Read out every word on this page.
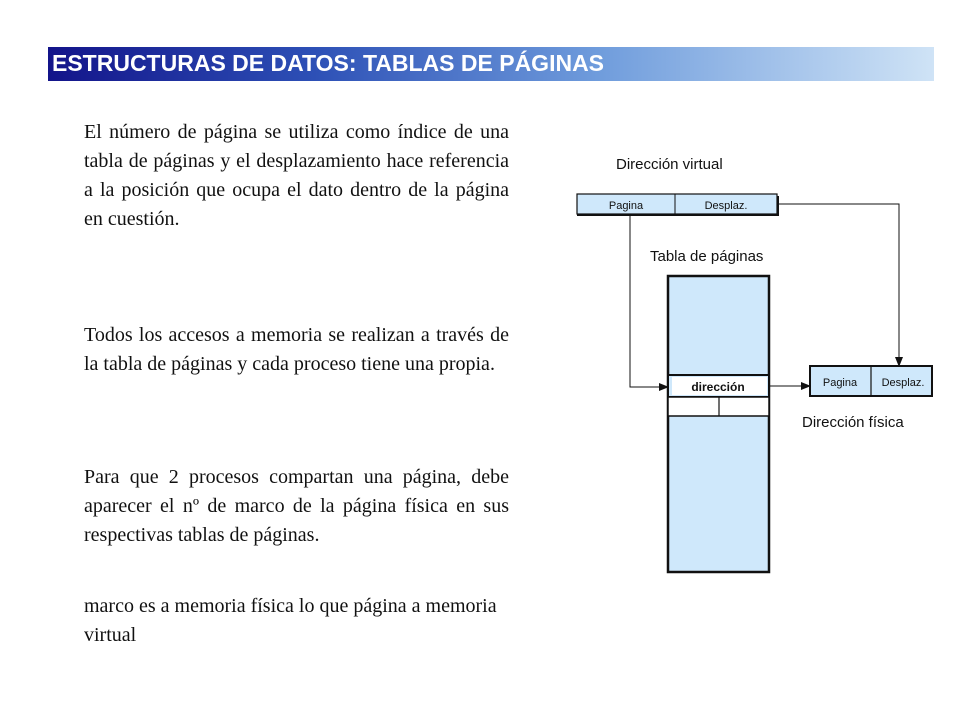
ESTRUCTURAS DE DATOS: TABLAS DE PÁGINAS
El número de página se utiliza como índice de una tabla de páginas y el desplazamiento hace referencia a la posición que ocupa el dato dentro de la página en cuestión.
Todos los accesos a memoria se realizan a través de la tabla de páginas y cada proceso tiene una propia.
Para que 2 procesos compartan una página, debe aparecer el nº de marco de la página física en sus respectivas tablas de páginas.
marco es a memoria física lo que página a memoria virtual
Dirección virtual
Pagina	Desplaz.
Tabla de páginas
dirección	Pagina Desplaz.
Dirección física
